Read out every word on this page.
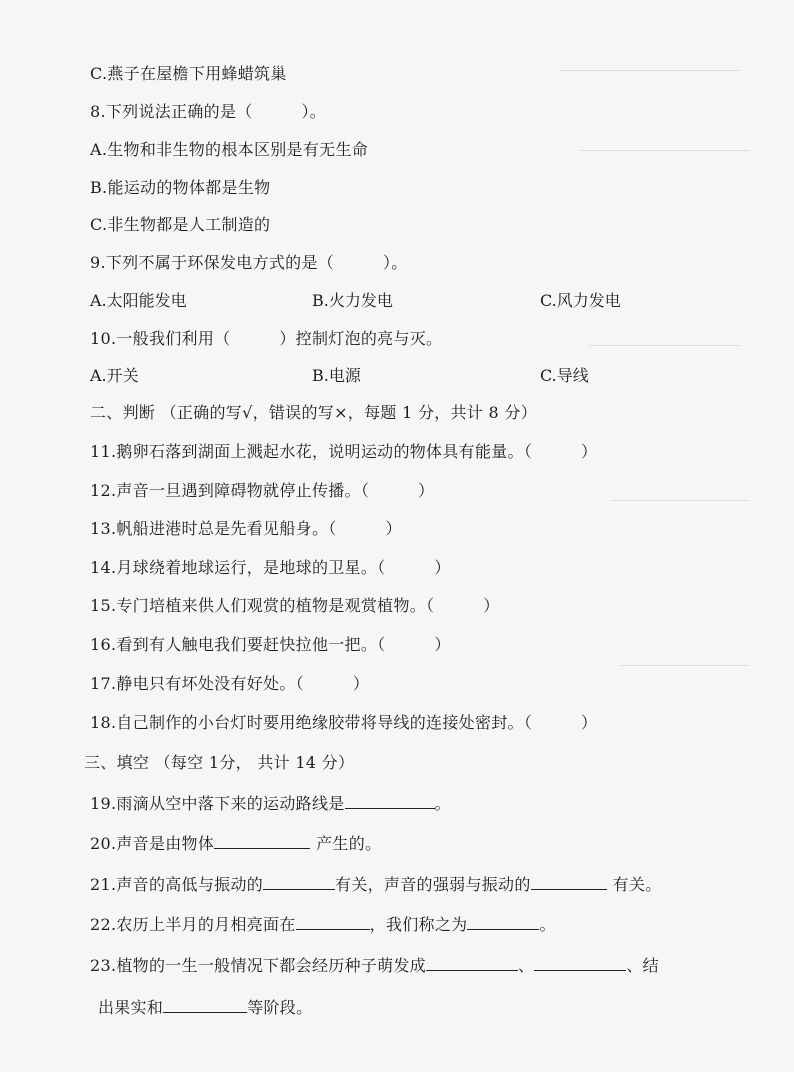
C.燕子在屋檐下用蜂蜡筑巢
8.下列说法正确的是（　　　）。
A.生物和非生物的根本区别是有无生命
B.能运动的物体都是生物
C.非生物都是人工制造的
9.下列不属于环保发电方式的是（　　　）。
A.太阳能发电	B.火力发电	C.风力发电
10.一般我们利用（　　　）控制灯泡的亮与灭。
A.开关	B.电源	C.导线
二、判断 （正确的写√，错误的写×，每题 1 分，共计 8 分）
11.鹅卵石落到湖面上溅起水花，说明运动的物体具有能量。（　　　）
12.声音一旦遇到障碍物就停止传播。（　　　）
13.帆船进港时总是先看见船身。（　　　）
14.月球绕着地球运行，是地球的卫星。（　　　）
15.专门培植来供人们观赏的植物是观赏植物。（　　　）
16.看到有人触电我们要赶快拉他一把。（　　　）
17.静电只有坏处没有好处。（　　　）
18.自己制作的小台灯时要用绝缘胶带将导线的连接处密封。（　　　）
三、填空 （每空 1分， 共计 14 分）
19.雨滴从空中落下来的运动路线是	。
20.声音是由物体	产生的。
21.声音的高低与振动的	有关，声音的强弱与振动的	有关。
22.农历上半月的月相亮面在	，我们称之为	。
23.植物的一生一般情况下都会经历种子萌发成	、	、结
出果实和	等阶段。
